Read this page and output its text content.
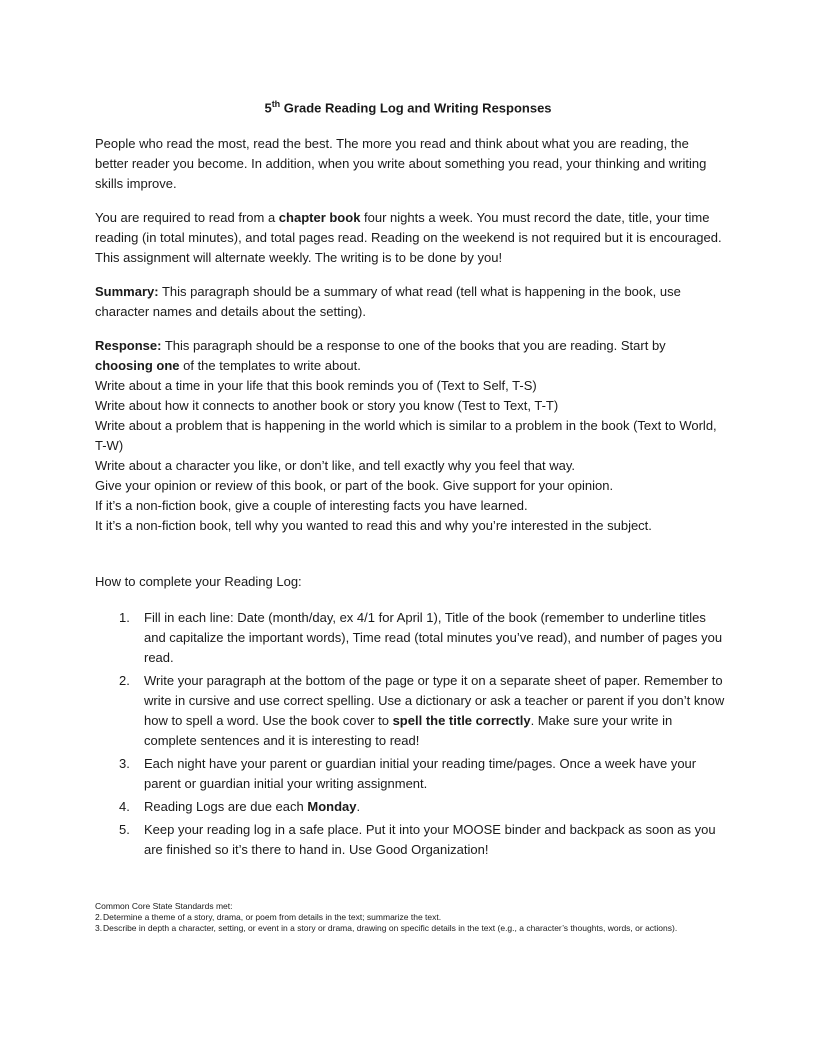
5th Grade Reading Log and Writing Responses

People who read the most, read the best. The more you read and think about what you are reading, the better reader you become. In addition, when you write about something you read, your thinking and writing skills improve.

You are required to read from a chapter book four nights a week. You must record the date, title, your time reading (in total minutes), and total pages read. Reading on the weekend is not required but it is encouraged. This assignment will alternate weekly. The writing is to be done by you!

Summary: This paragraph should be a summary of what read (tell what is happening in the book, use character names and details about the setting).

Response: This paragraph should be a response to one of the books that you are reading. Start by choosing one of the templates to write about.
Write about a time in your life that this book reminds you of (Text to Self, T-S)
Write about how it connects to another book or story you know (Test to Text, T-T)
Write about a problem that is happening in the world which is similar to a problem in the book (Text to World, T-W)
Write about a character you like, or don’t like, and tell exactly why you feel that way.
Give your opinion or review of this book, or part of the book. Give support for your opinion.
If it’s a non-fiction book, give a couple of interesting facts you have learned.
It it’s a non-fiction book, tell why you wanted to read this and why you’re interested in the subject.
How to complete your Reading Log:
1. Fill in each line: Date (month/day, ex 4/1 for April 1), Title of the book (remember to underline titles and capitalize the important words), Time read (total minutes you’ve read), and number of pages you read.
2. Write your paragraph at the bottom of the page or type it on a separate sheet of paper. Remember to write in cursive and use correct spelling. Use a dictionary or ask a teacher or parent if you don’t know how to spell a word. Use the book cover to spell the title correctly. Make sure your write in complete sentences and it is interesting to read!
3. Each night have your parent or guardian initial your reading time/pages. Once a week have your parent or guardian initial your writing assignment.
4. Reading Logs are due each Monday.
5. Keep your reading log in a safe place. Put it into your MOOSE binder and backpack as soon as you are finished so it’s there to hand in. Use Good Organization!
Common Core State Standards met:
2. Determine a theme of a story, drama, or poem from details in the text; summarize the text.
3. Describe in depth a character, setting, or event in a story or drama, drawing on specific details in the text (e.g., a character’s thoughts, words, or actions).
